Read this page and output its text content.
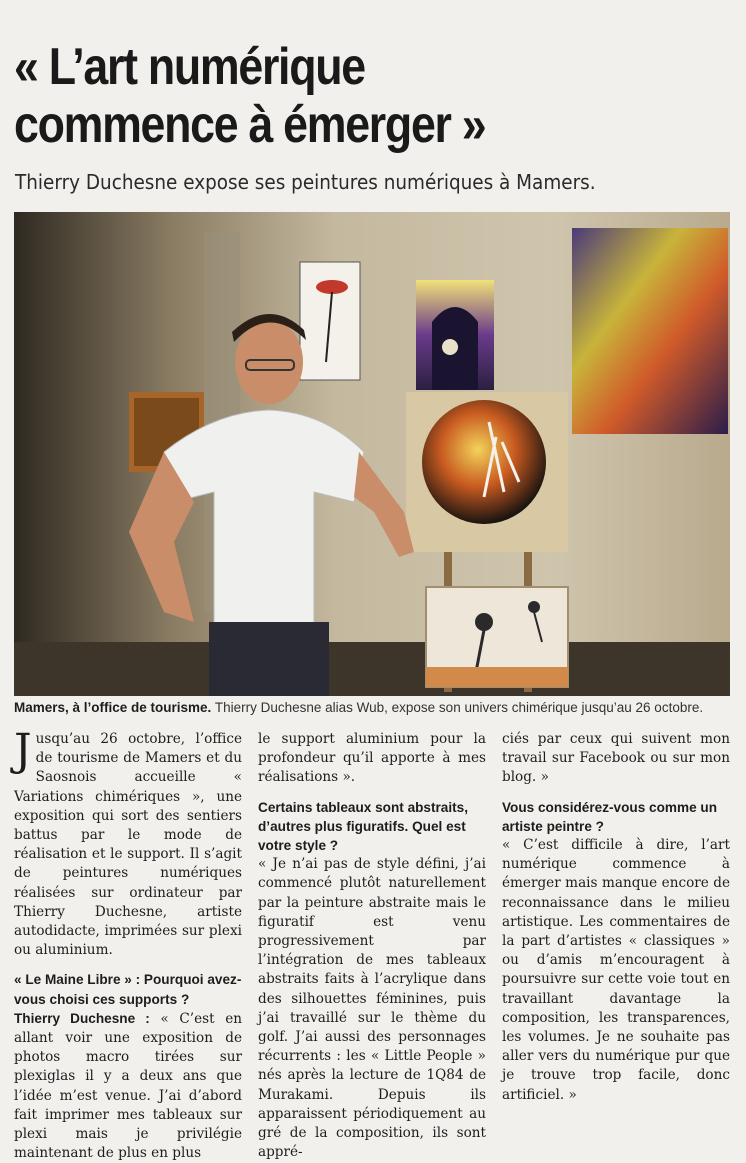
« L’art numérique
commence à émerger »
Thierry Duchesne expose ses peintures numériques à Mamers.
Mamers, à l’office de tourisme. Thierry Duchesne alias Wub, expose son univers chimérique jusqu’au 26 octobre.

Jusqu’au 26 octobre, l’office de tourisme de Mamers et du Saosnois accueille « Variations chimériques », une exposition qui sort des sentiers battus par le mode de réalisation et le support. Il s’agit de peintures numériques réalisées sur ordinateur par Thierry Duchesne, artiste autodidacte, imprimées sur plexi ou aluminium.

« Le Maine Libre » : Pourquoi avez-vous choisi ces supports ?

Thierry Duchesne : « C’est en allant voir une exposition de photos macro tirées sur plexiglas il y a deux ans que l’idée m’est venue. J’ai d’abord fait imprimer mes tableaux sur plexi mais je privilégie maintenant de plus en plus

le support aluminium pour la profondeur qu’il apporte à mes réalisations ».

Certains tableaux sont abstraits, d’autres plus figuratifs. Quel est votre style ?

« Je n’ai pas de style défini, j’ai commencé plutôt naturellement par la peinture abstraite mais le figuratif est venu progressivement par l’intégration de mes tableaux abstraits faits à l’acrylique dans des silhouettes féminines, puis j’ai travaillé sur le thème du golf. J’ai aussi des personnages récurrents : les « Little People » nés après la lecture de 1Q84 de Murakami. Depuis ils apparaissent périodiquement au gré de la composition, ils sont appré-

ciés par ceux qui suivent mon travail sur Facebook ou sur mon blog. »

Vous considérez-vous comme un artiste peintre ?

« C’est difficile à dire, l’art numérique commence à émerger mais manque encore de reconnaissance dans le milieu artistique. Les commentaires de la part d’artistes « classiques » ou d’amis m’encouragent à poursuivre sur cette voie tout en travaillant davantage la composition, les transparences, les volumes. Je ne souhaite pas aller vers du numérique pur que je trouve trop facile, donc artificiel. »
